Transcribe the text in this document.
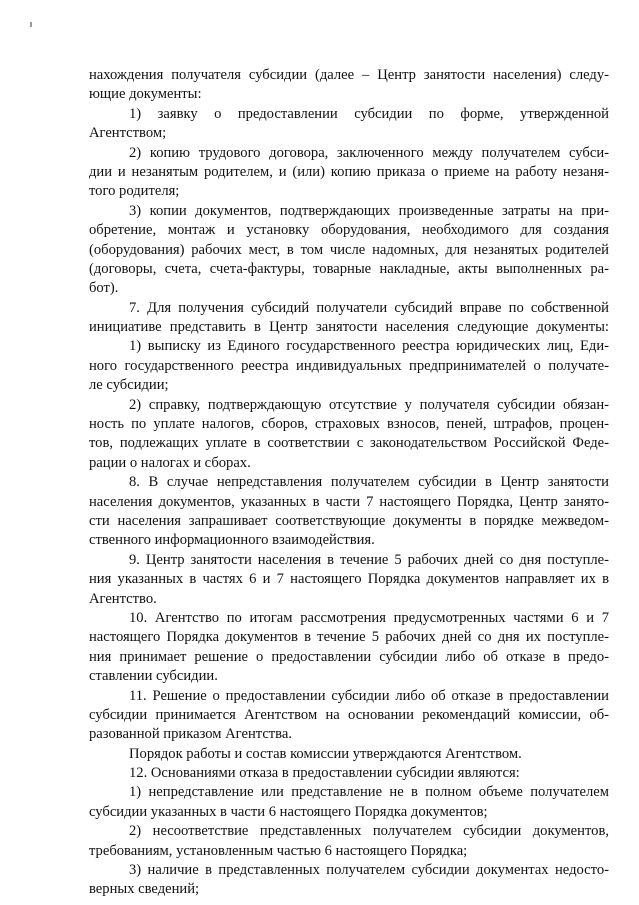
нахождения получателя субсидии (далее – Центр занятости населения) следу-
ющие документы:
1) заявку о предоставлении субсидии по форме, утвержденной
Агентством;
2) копию трудового договора, заключенного между получателем субси-
дии и незанятым родителем, и (или) копию приказа о приеме на работу незаня-
того родителя;
3) копии документов, подтверждающих произведенные затраты на при-
обретение, монтаж и установку оборудования, необходимого для создания
(оборудования) рабочих мест, в том числе надомных, для незанятых родителей
(договоры, счета, счета-фактуры, товарные накладные, акты выполненных ра-
бот).
7. Для получения субсидий получатели субсидий вправе по собственной
инициативе представить в Центр занятости населения следующие документы:
1) выписку из Единого государственного реестра юридических лиц, Еди-
ного государственного реестра индивидуальных предпринимателей о получате-
ле субсидии;
2) справку, подтверждающую отсутствие у получателя субсидии обязан-
ность по уплате налогов, сборов, страховых взносов, пеней, штрафов, процен-
тов, подлежащих уплате в соответствии с законодательством Российской Феде-
рации о налогах и сборах.
8. В случае непредставления получателем субсидии в Центр занятости
населения документов, указанных в части 7 настоящего Порядка, Центр занято-
сти населения запрашивает соответствующие документы в порядке межведом-
ственного информационного взаимодействия.
9. Центр занятости населения в течение 5 рабочих дней со дня поступле-
ния указанных в частях 6 и 7 настоящего Порядка документов направляет их в
Агентство.
10. Агентство по итогам рассмотрения предусмотренных частями 6 и 7
настоящего Порядка документов в течение 5 рабочих дней со дня их поступле-
ния принимает решение о предоставлении субсидии либо об отказе в предо-
ставлении субсидии.
11. Решение о предоставлении субсидии либо об отказе в предоставлении
субсидии принимается Агентством на основании рекомендаций комиссии, об-
разованной приказом Агентства.
Порядок работы и состав комиссии утверждаются Агентством.
12. Основаниями отказа в предоставлении субсидии являются:
1) непредставление или представление не в полном объеме получателем
субсидии указанных в части 6 настоящего Порядка документов;
2) несоответствие представленных получателем субсидии документов,
требованиям, установленным частью 6 настоящего Порядка;
3) наличие в представленных получателем субсидии документах недосто-
верных сведений;
